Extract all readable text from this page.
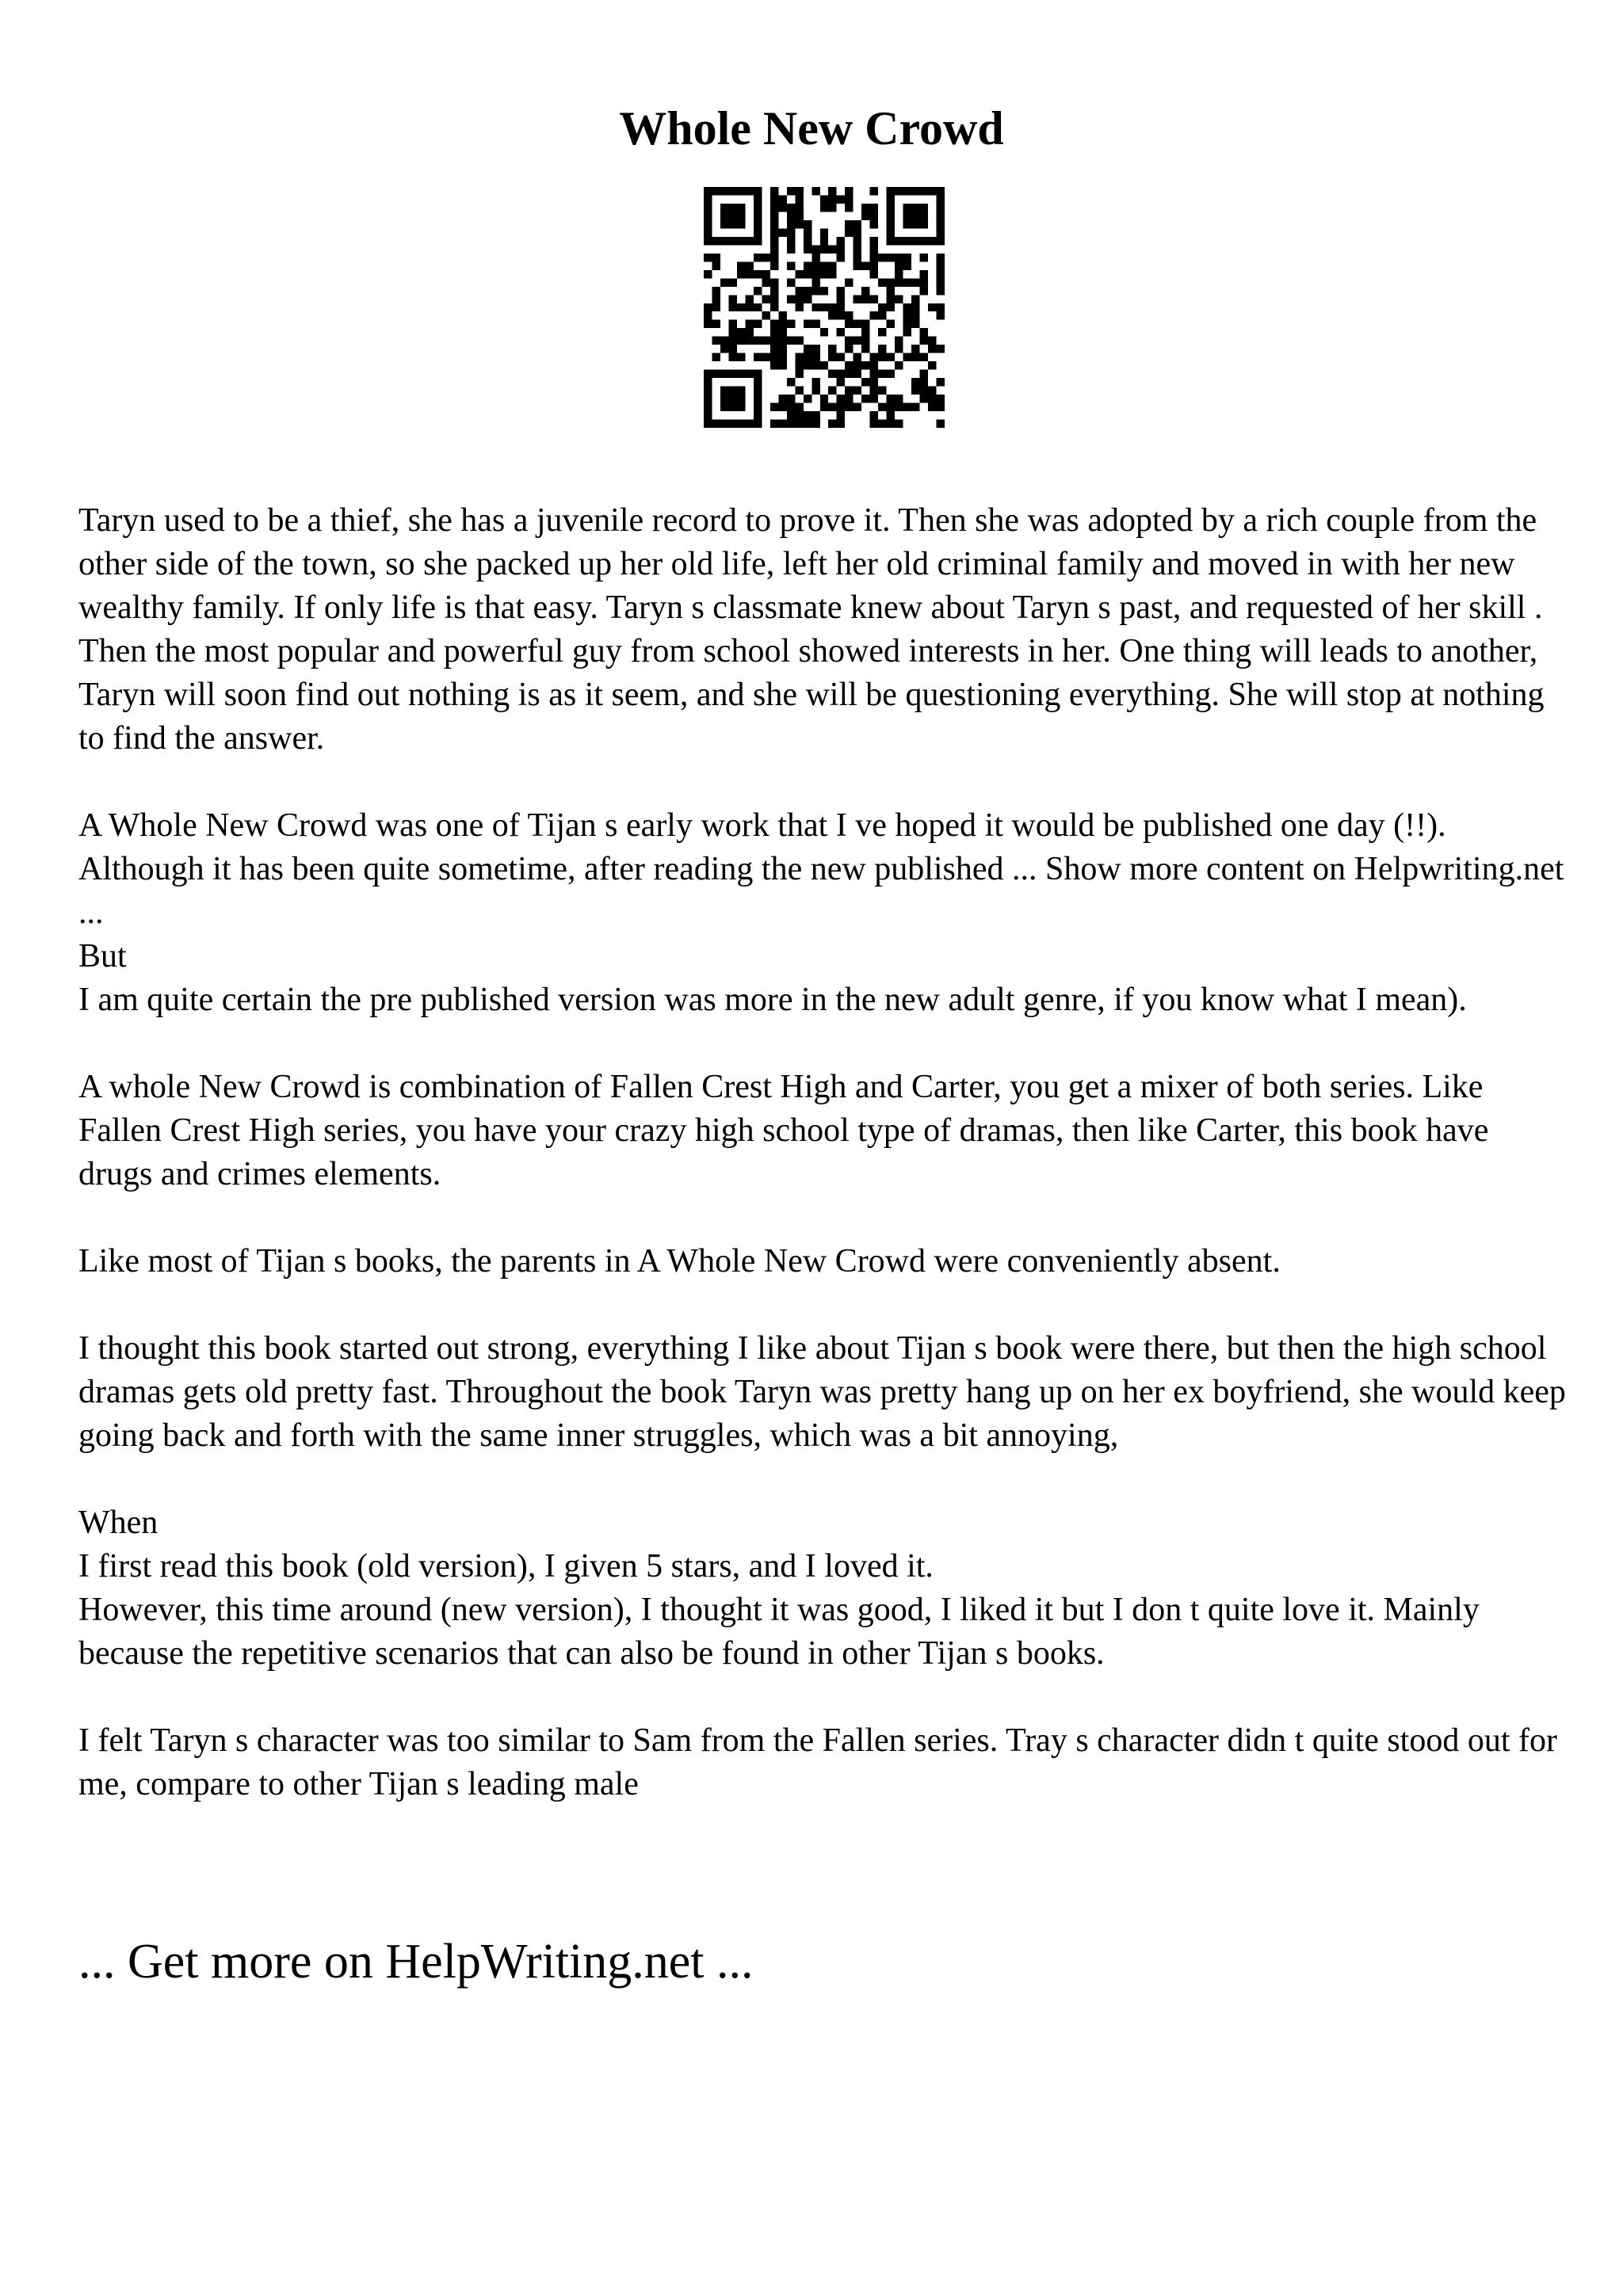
Whole New Crowd

Taryn used to be a thief, she has a juvenile record to prove it. Then she was adopted by a rich couple from the other side of the town, so she packed up her old life, left her old criminal family and moved in with her new wealthy family. If only life is that easy. Taryn s classmate knew about Taryn s past, and requested of her skill . Then the most popular and powerful guy from school showed interests in her. One thing will leads to another, Taryn will soon find out nothing is as it seem, and she will be questioning everything. She will stop at nothing to find the answer.

A Whole New Crowd was one of Tijan s early work that I ve hoped it would be published one day (!!). Although it has been quite sometime, after reading the new published ... Show more content on Helpwriting.net ...

But

I am quite certain the pre published version was more in the new adult genre, if you know what I mean).

A whole New Crowd is combination of Fallen Crest High and Carter, you get a mixer of both series. Like Fallen Crest High series, you have your crazy high school type of dramas, then like Carter, this book have drugs and crimes elements.

Like most of Tijan s books, the parents in A Whole New Crowd were conveniently absent.

I thought this book started out strong, everything I like about Tijan s book were there, but then the high school dramas gets old pretty fast. Throughout the book Taryn was pretty hang up on her ex boyfriend, she would keep going back and forth with the same inner struggles, which was a bit annoying,

When

I first read this book (old version), I given 5 stars, and I loved it.

However, this time around (new version), I thought it was good, I liked it but I don t quite love it. Mainly because the repetitive scenarios that can also be found in other Tijan s books.

I felt Taryn s character was too similar to Sam from the Fallen series. Tray s character didn t quite stood out for me, compare to other Tijan s leading male

... Get more on HelpWriting.net ...
